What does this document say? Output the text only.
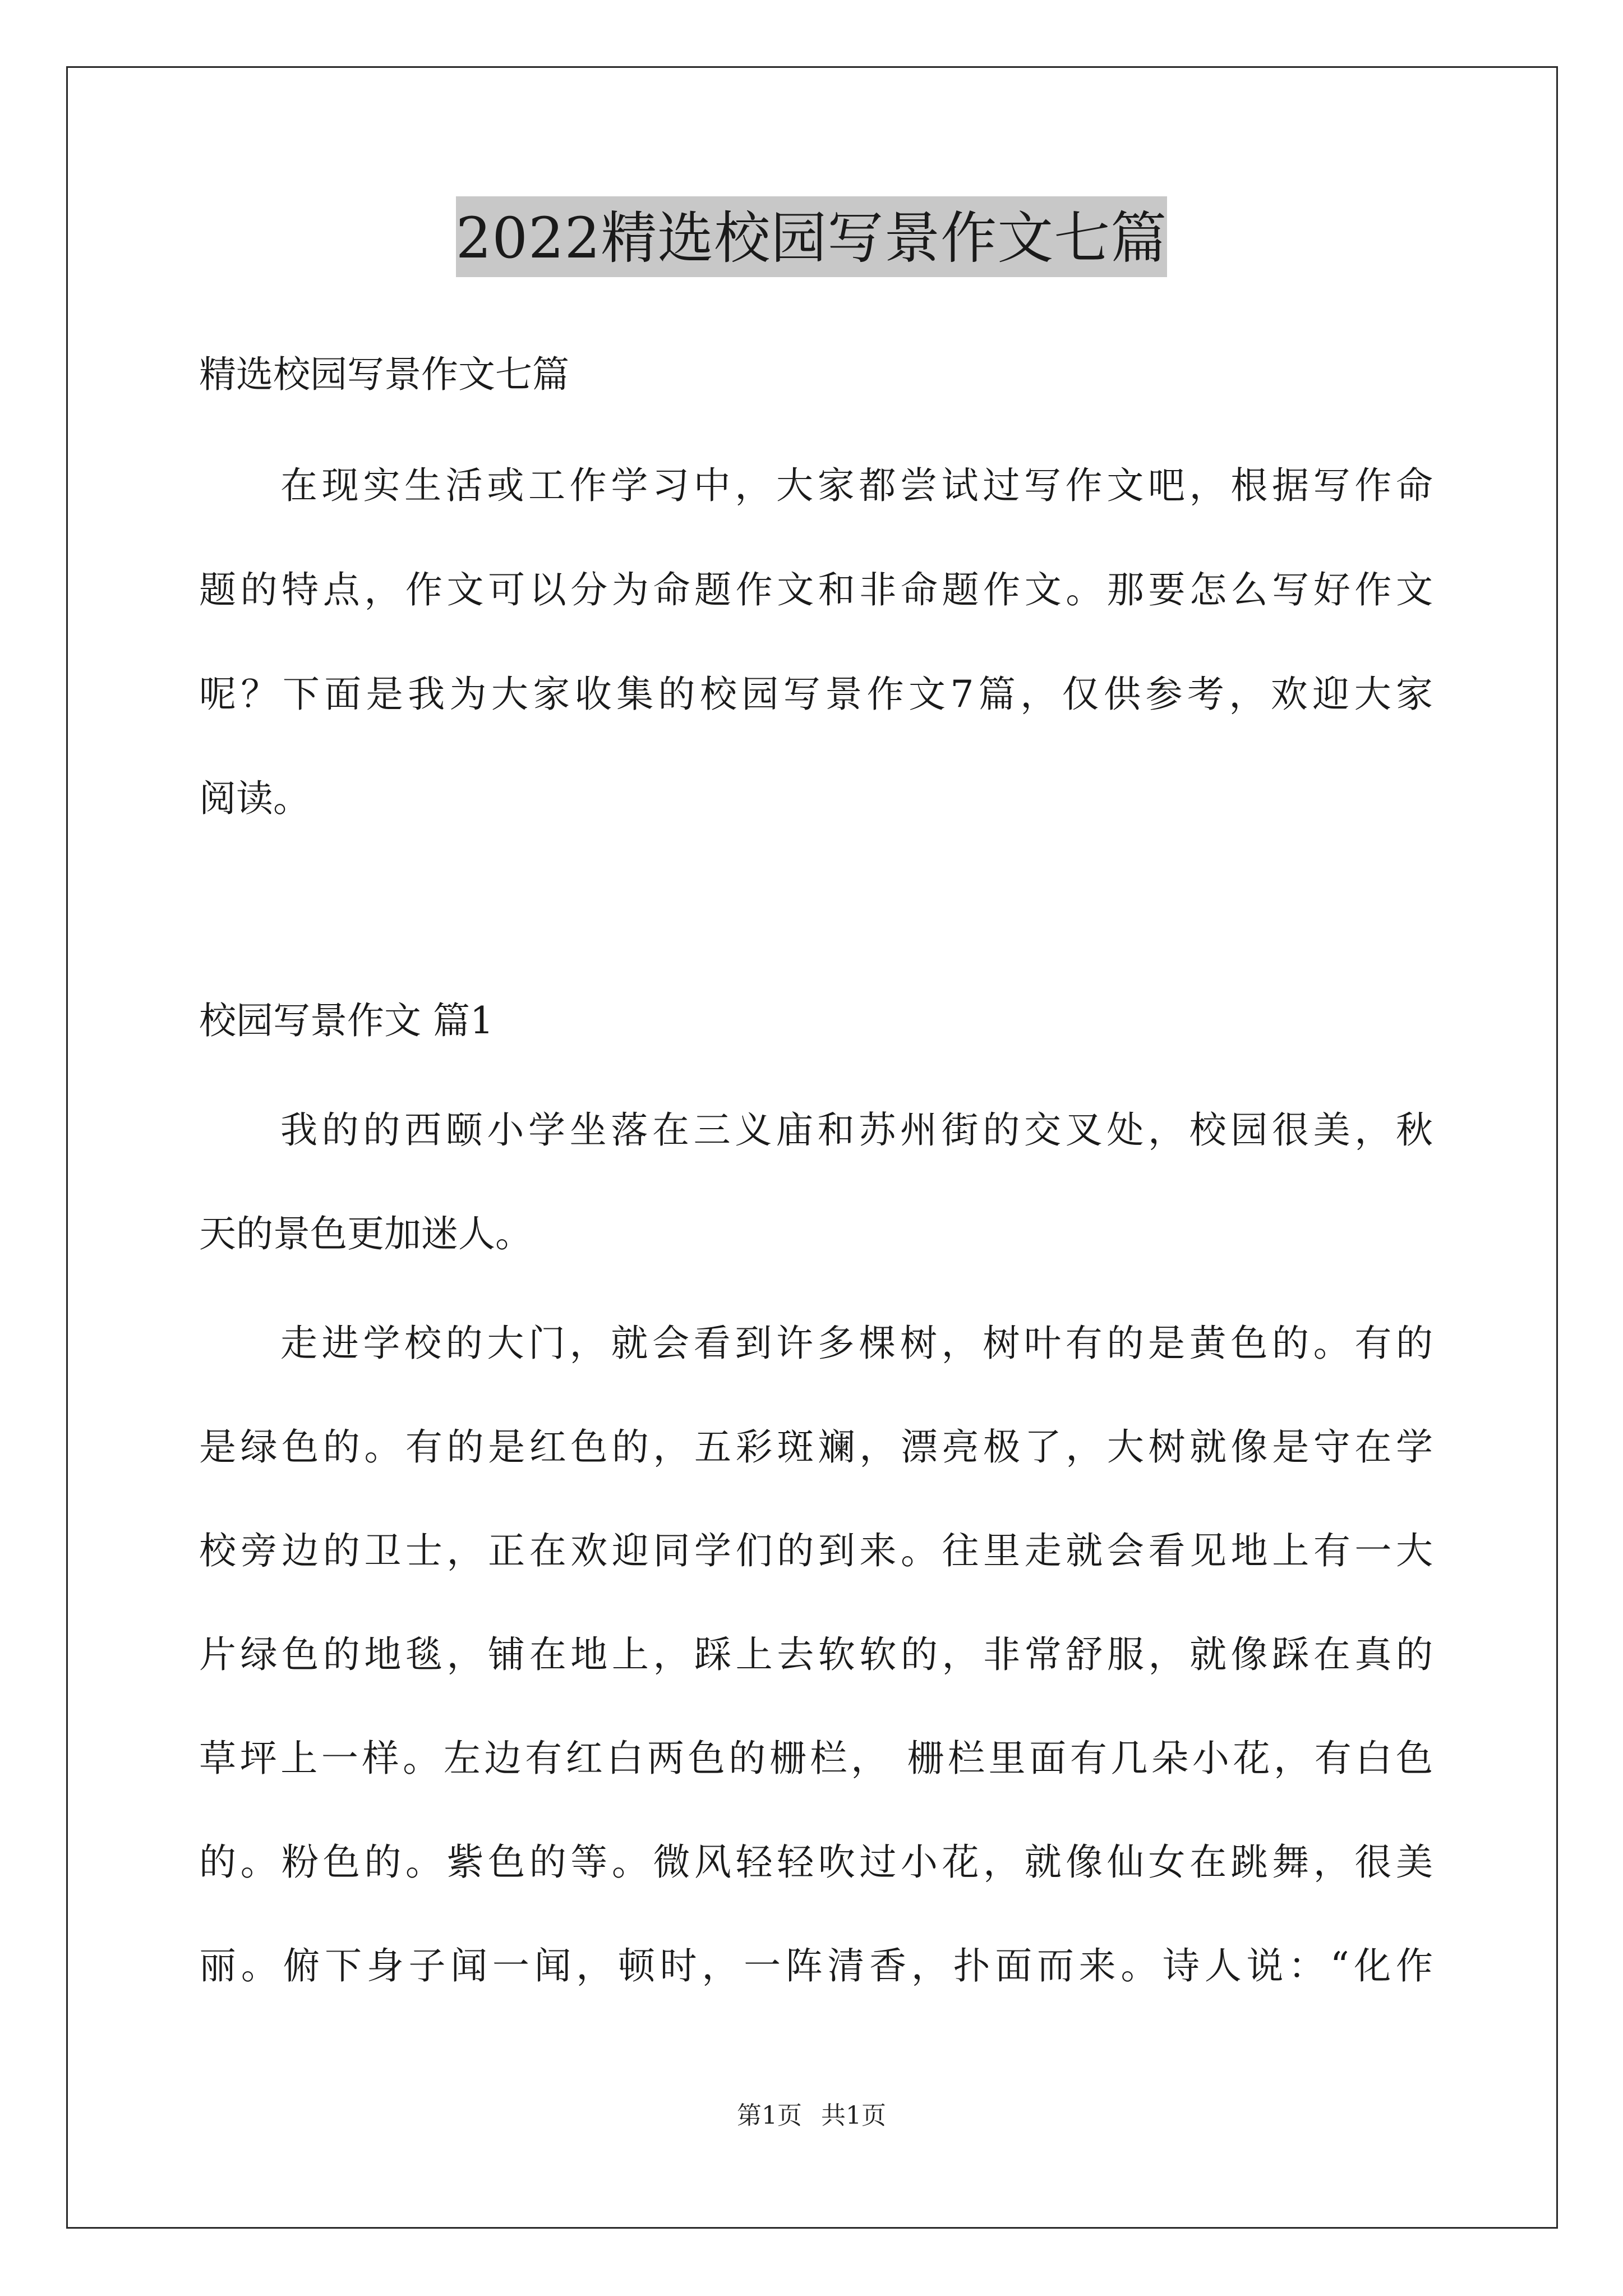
2022精选校园写景作文七篇
精选校园写景作文七篇
在现实生活或工作学习中，大家都尝试过写作文吧，根据写作命
题的特点，作文可以分为命题作文和非命题作文。那要怎么写好作文
呢？下面是我为大家收集的校园写景作文7篇，仅供参考，欢迎大家
阅读。
校园写景作文 篇1
我的的西颐小学坐落在三义庙和苏州街的交叉处，校园很美，秋
天的景色更加迷人。
走进学校的大门，就会看到许多棵树，树叶有的是黄色的。有的
是绿色的。有的是红色的，五彩斑斓，漂亮极了，大树就像是守在学
校旁边的卫士，正在欢迎同学们的到来。往里走就会看见地上有一大
片绿色的地毯，铺在地上，踩上去软软的，非常舒服，就像踩在真的
草坪上一样。左边有红白两色的栅栏， 栅栏里面有几朵小花，有白色
的。粉色的。紫色的等。微风轻轻吹过小花，就像仙女在跳舞，很美
丽。俯下身子闻一闻，顿时，一阵清香，扑面而来。诗人说：“化作
第1页 共1页
